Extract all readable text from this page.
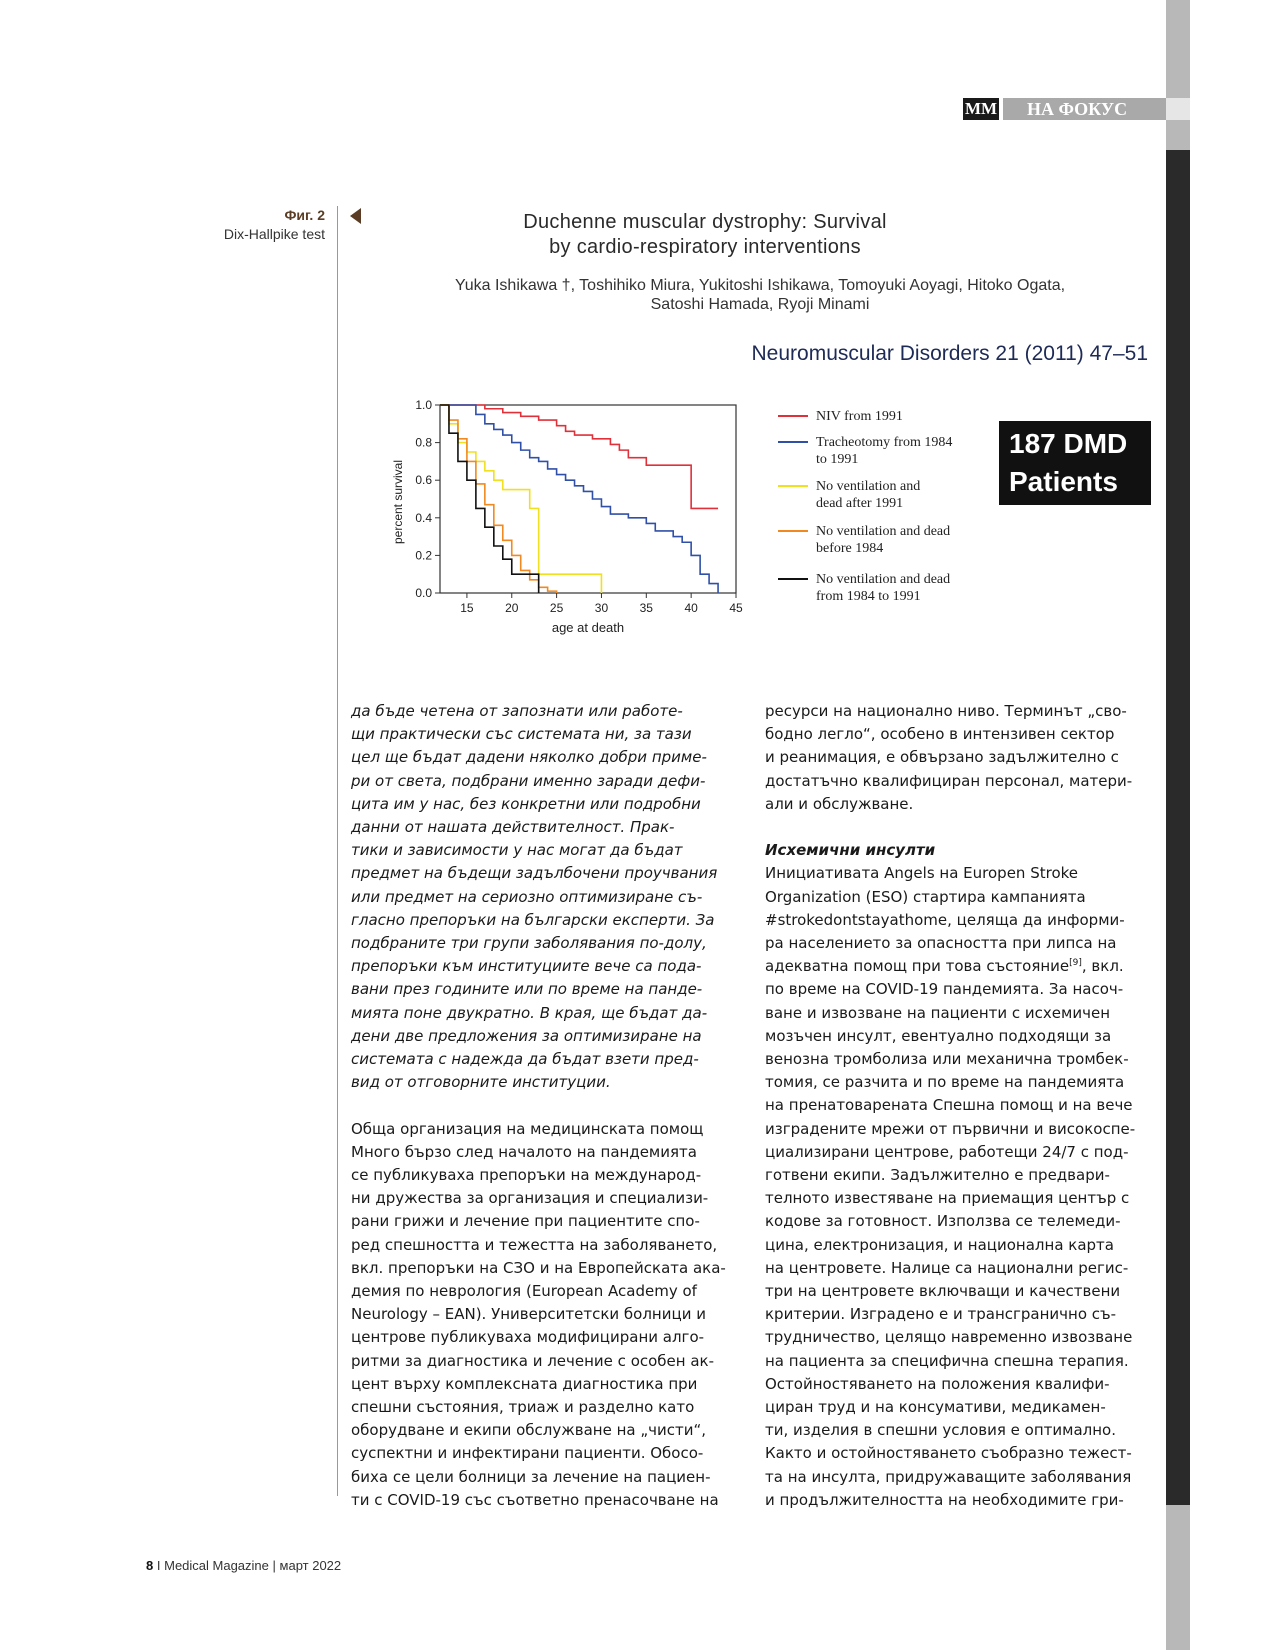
MM	НА ФОКУС
Фиг. 2
Dix-Hallpike test
Duchenne muscular dystrophy: Survival
by cardio-respiratory interventions
Yuka Ishikawa †, Toshihiko Miura, Yukitoshi Ishikawa, Tomoyuki Aoyagi, Hitoko Ogata,
Satoshi Hamada, Ryoji Minami
Neuromuscular Disorders 21 (2011) 47–51
0.0
0.2
0.4
0.6
0.8
1.0
15	20	25	30	35	40	45
NIV from 1991
Tracheotomy from 1984 to 1991
No ventilation and dead after 1991
No ventilation and dead before 1984
No ventilation and dead from 1984 to 1991
percent survival
age at death
187 DMD
Patients
да бъде четена от запознати или работе-
щи практически със системата ни, за тази
цел ще бъдат дадени няколко добри приме-
ри от света, подбрани именно заради дефи-
цита им у нас, без конкретни или подробни
данни от нашата действителност. Прак-
тики и зависимости у нас могат да бъдат
предмет на бъдещи задълбочени проучвания
или предмет на сериозно оптимизиране съ-
гласно препоръки на български експерти. За
подбраните три групи заболявания по-долу,
препоръки към институциите вече са пода-
вани през годините или по време на панде-
мията поне двукратно. В края, ще бъдат да-
дени две предложения за оптимизиране на
системата с надежда да бъдат взети пред-
вид от отговорните институции.
Обща организация на медицинската помощ
Много бързо след началото на пандемията
се публикуваха препоръки на международ-
ни дружества за организация и специализи-
рани грижи и лечение при пациентите спо-
ред спешността и тежестта на заболяването,
вкл. препоръки на СЗО и на Европейската ака-
демия по неврология (European Academy of
Neurology – EAN). Университетски болници и
центрове публикуваха модифицирани алго-
ритми за диагностика и лечение с особен ак-
цент върху комплексната диагностика при
спешни състояния, триаж и разделно като
оборудване и екипи обслужване на „чисти“,
суспектни и инфектирани пациенти. Обосо-
биха се цели болници за лечение на пациен-
ти с COVID-19 със съответно пренасочване на
ресурси на национално ниво. Терминът „сво-
бодно легло“, особено в интензивен сектор
и реанимация, е обвързано задължително с
достатъчно квалифициран персонал, матери-
али и обслужване.
Исхемични инсулти
Инициативата Angels на Europen Stroke
Organization (ESO) стартира кампанията
#strokedontstayathome, целяща да информи-
ра населението за опасността при липса на
адекватна помощ при това състояние[9], вкл.
по време на COVID-19 пандемията. За насоч-
ване и извозване на пациенти с исхемичен
мозъчен инсулт, евентуално подходящи за
венозна тромболиза или механична тромбек-
томия, се разчита и по време на пандемията
на пренатоварената Спешна помощ и на вече
изградените мрежи от първични и високоспе-
циализирани центрове, работещи 24/7 с под-
готвени екипи. Задължително е предвари-
телното известяване на приемащия център с
кодове за готовност. Използва се телемеди-
цина, електронизация, и национална карта
на центровете. Налице са национални регис-
три на центровете включващи и качествени
критерии. Изградено е и трансгранично съ-
трудничество, целящо навременно извозване
на пациента за специфична спешна терапия.
Остойностяването на положения квалифи-
циран труд и на консумативи, медикамен-
ти, изделия в спешни условия е оптимално.
Както и остойностяването съобразно тежест-
та на инсулта, придружаващите заболявания
и продължителността на необходимите гри-
8 I Medical Magazine | март 2022
